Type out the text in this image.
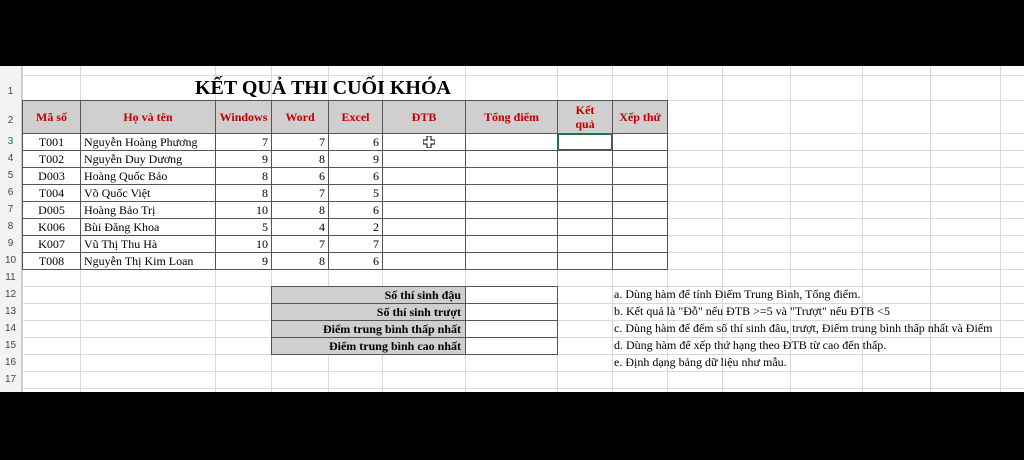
1
2
3
4
5
6
7
8
9
10
11
12
13
14
15
16
17
KẾT QUẢ THI CUỐI KHÓA
Mã số	Họ và tên	Windows	Word	Excel	ĐTB	Tổng điểm	Kết quả	Xếp thứ
T001	Nguyễn Hoàng Phương	7	7	6
T002	Nguyễn Duy Dương	9	8	9
D003	Hoàng Quốc Bảo	8	6	6
T004	Võ Quốc Việt	8	7	5
D005	Hoàng Bảo Trị	10	8	6
K006	Bùi Đăng Khoa	5	4	2
K007	Vũ Thị Thu Hà	10	7	7
T008	Nguyễn Thị Kim Loan	9	8	6
Số thí sinh đậu
Số thí sinh trượt
Điểm trung bình thấp nhất
Điểm trung bình cao nhất
a. Dùng hàm để tính Điểm Trung Bình, Tổng điểm.
b. Kết quả là "Đỗ" nếu ĐTB >=5 và "Trượt" nếu ĐTB <5
c. Dùng hàm để đếm số thí sinh đâu, trượt, Điểm trung bình thấp nhất và Điểm
d. Dùng hàm để xếp thứ hạng theo ĐTB từ cao đến thấp.
e. Định dạng bảng dữ liệu như mẫu.
